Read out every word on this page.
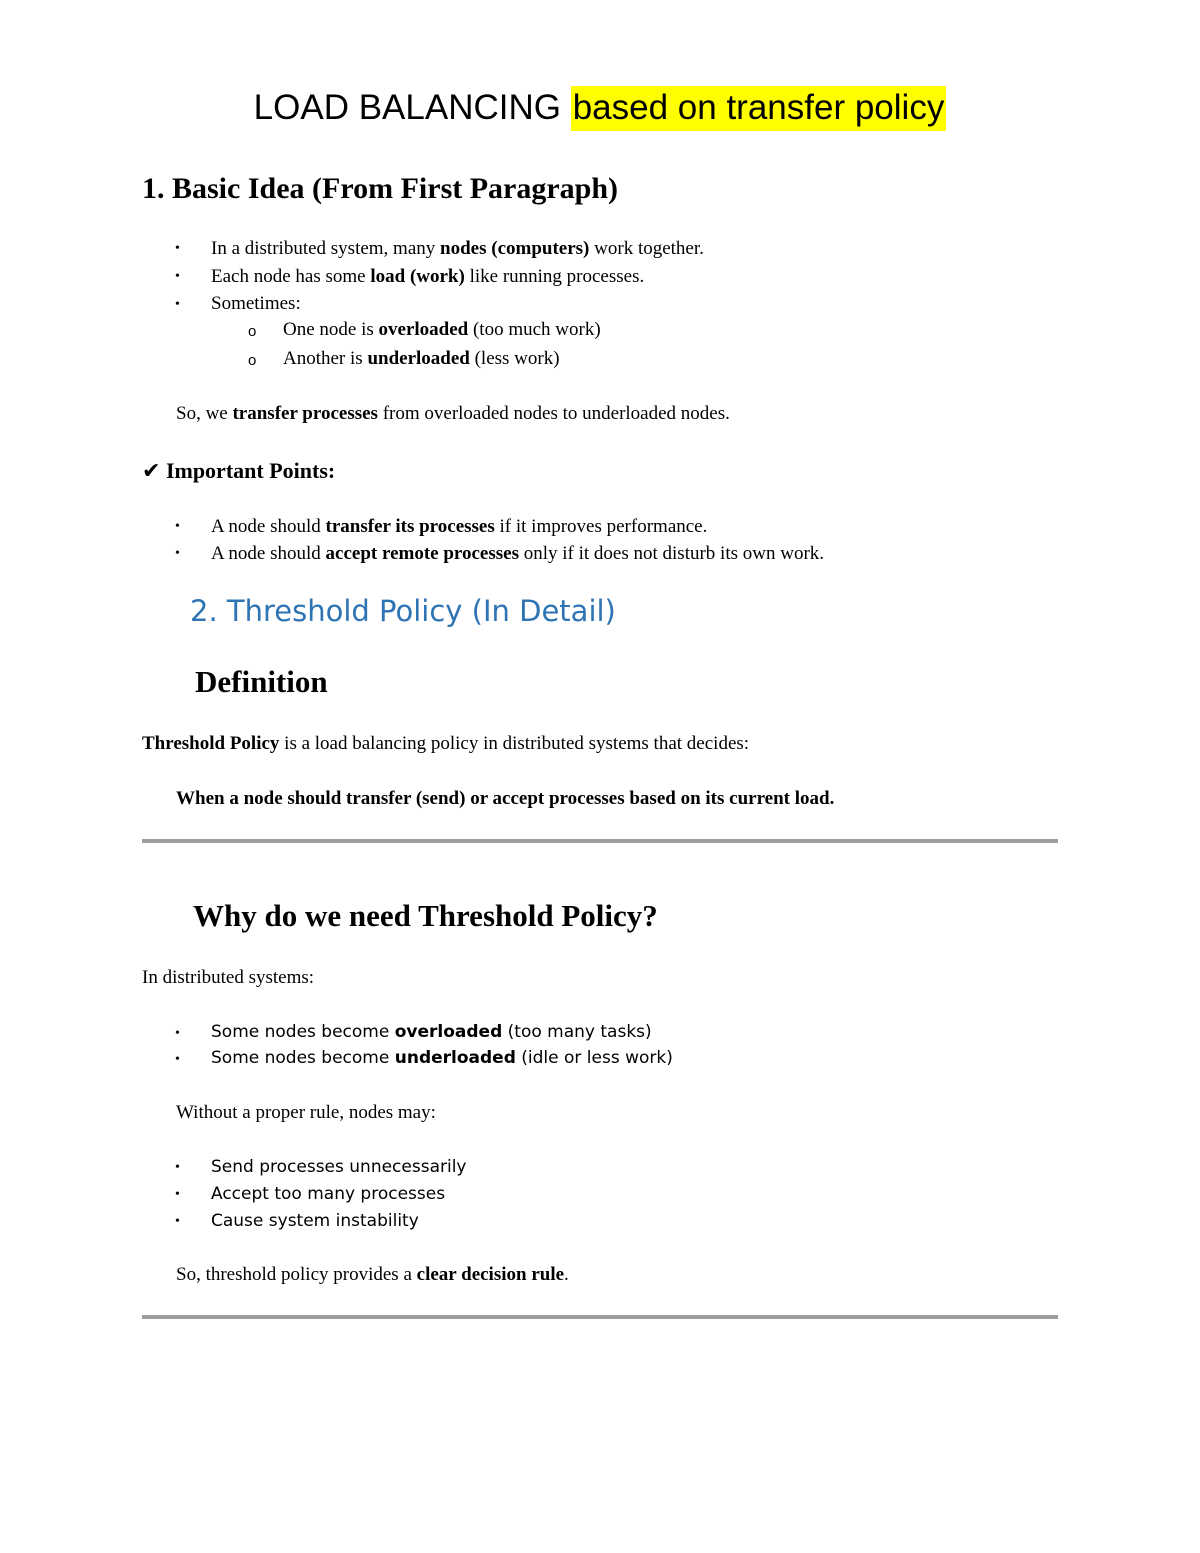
LOAD BALANCING based on transfer policy
1. Basic Idea (From First Paragraph)
• In a distributed system, many nodes (computers) work together.
• Each node has some load (work) like running processes.
• Sometimes:
o One node is overloaded (too much work)
o Another is underloaded (less work)
So, we transfer processes from overloaded nodes to underloaded nodes.
✔ Important Points:
• A node should transfer its processes if it improves performance.
• A node should accept remote processes only if it does not disturb its own work.
2. Threshold Policy (In Detail)
Definition
Threshold Policy is a load balancing policy in distributed systems that decides:
When a node should transfer (send) or accept processes based on its current load.
Why do we need Threshold Policy?
In distributed systems:
• Some nodes become overloaded (too many tasks)
• Some nodes become underloaded (idle or less work)
Without a proper rule, nodes may:
• Send processes unnecessarily
• Accept too many processes
• Cause system instability
So, threshold policy provides a clear decision rule.
